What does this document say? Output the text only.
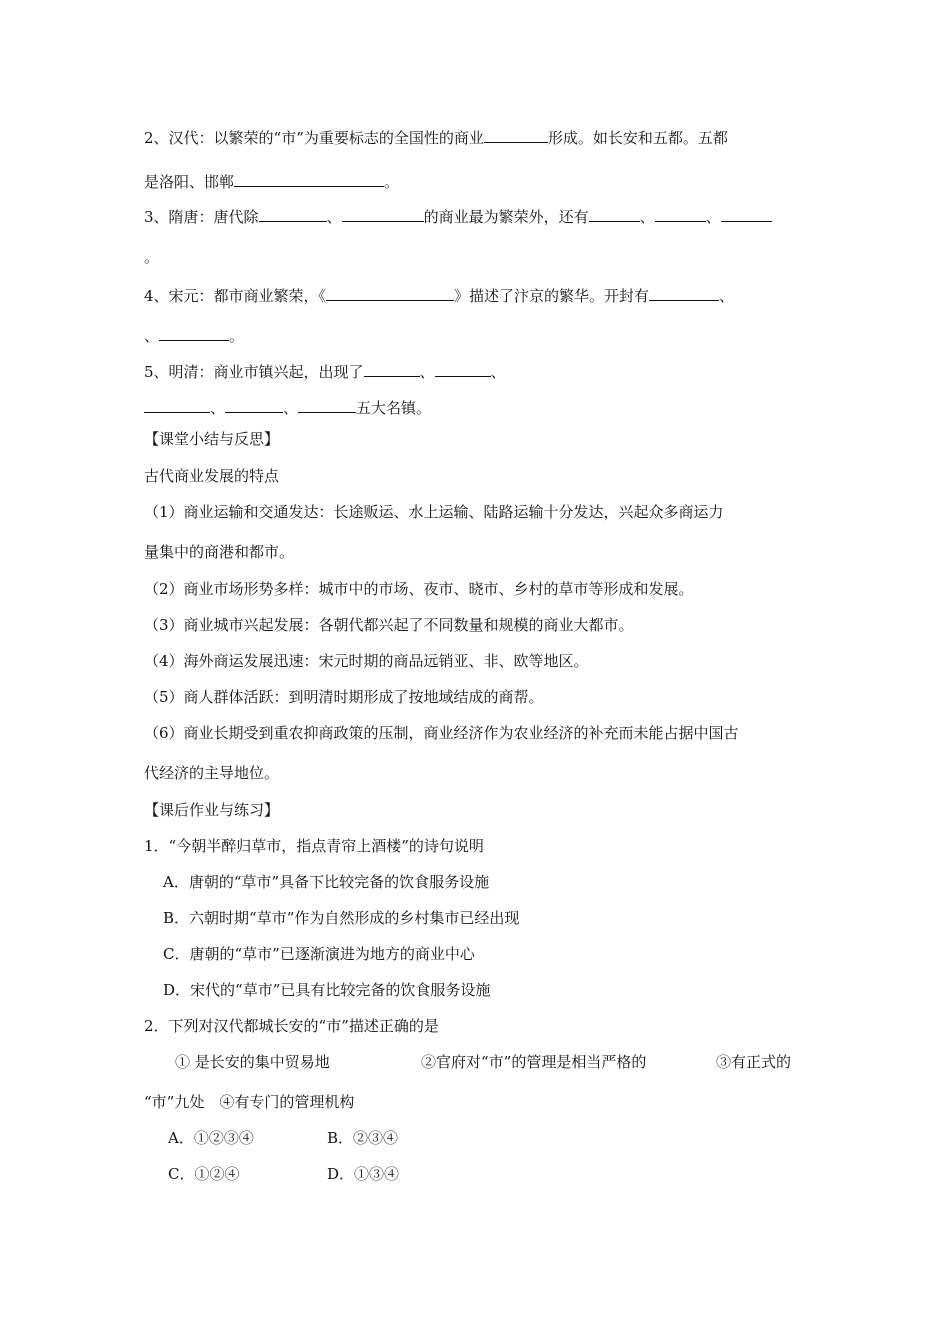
2、汉代：以繁荣的“市”为重要标志的全国性的商业	形成。如长安和五都。五都
是洛阳、邯郸	。
3、隋唐：唐代除	、	的商业最为繁荣外，还有	、	、
。
4、宋元：都市商业繁荣，《	》描述了汴京的繁华。开封有	、
、	。
5、明清：商业市镇兴起，出现了	、	、
、	、	五大名镇。
【课堂小结与反思】
古代商业发展的特点
（1）商业运输和交通发达：长途贩运、水上运输、陆路运输十分发达，兴起众多商运力
量集中的商港和都市。
（2）商业市场形势多样：城市中的市场、夜市、晓市、乡村的草市等形成和发展。
（3）商业城市兴起发展：各朝代都兴起了不同数量和规模的商业大都市。
（4）海外商运发展迅速：宋元时期的商品远销亚、非、欧等地区。
（5）商人群体活跃：到明清时期形成了按地域结成的商帮。
（6）商业长期受到重农抑商政策的压制，商业经济作为农业经济的补充而未能占据中国古
代经济的主导地位。
【课后作业与练习】
1．“今朝半醉归草市，指点青帘上酒楼”的诗句说明
A．唐朝的“草市”具备下比较完备的饮食服务设施
B．六朝时期“草市”作为自然形成的乡村集市已经出现
C．唐朝的“草市”已逐渐演进为地方的商业中心
D．宋代的“草市”已具有比较完备的饮食服务设施
2．下列对汉代都城长安的“市”描述正确的是
① 是长安的集中贸易地	②官府对“市”的管理是相当严格的	③有正式的
“市”九处　④有专门的管理机构
A．①②③④	B．②③④
C．①②④	D．①③④
